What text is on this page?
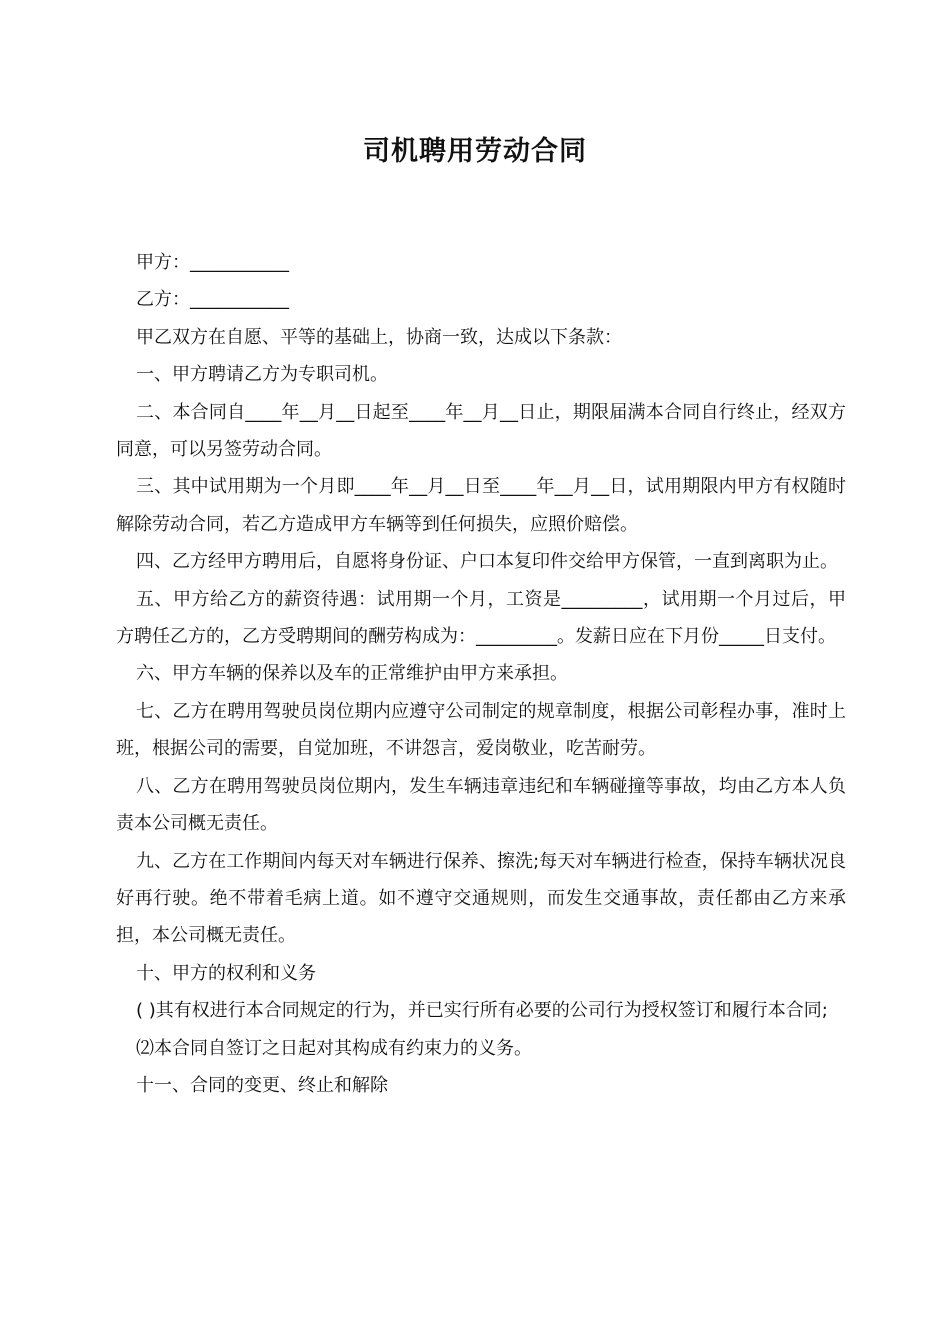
司机聘用劳动合同

甲方：___________

乙方：___________

甲乙双方在自愿、平等的基础上，协商一致，达成以下条款：

一、甲方聘请乙方为专职司机。

二、本合同自____年__月__日起至____年__月__日止，期限届满本合同自行终止，经双方同意，可以另签劳动合同。

三、其中试用期为一个月即____年__月__日至____年__月__日，试用期限内甲方有权随时解除劳动合同，若乙方造成甲方车辆等到任何损失，应照价赔偿。

四、乙方经甲方聘用后，自愿将身份证、户口本复印件交给甲方保管，一直到离职为止。

五、甲方给乙方的薪资待遇：试用期一个月，工资是_________，试用期一个月过后，甲方聘任乙方的，乙方受聘期间的酬劳构成为：_________。发薪日应在下月份_____日支付。

六、甲方车辆的保养以及车的正常维护由甲方来承担。

七、乙方在聘用驾驶员岗位期内应遵守公司制定的规章制度，根据公司彰程办事，准时上班，根据公司的需要，自觉加班，不讲怨言，爱岗敬业，吃苦耐劳。

八、乙方在聘用驾驶员岗位期内，发生车辆违章违纪和车辆碰撞等事故，均由乙方本人负责本公司概无责任。

九、乙方在工作期间内每天对车辆进行保养、擦洗;每天对车辆进行检查，保持车辆状况良好再行驶。绝不带着毛病上道。如不遵守交通规则，而发生交通事故，责任都由乙方来承担，本公司概无责任。

十、甲方的权利和义务

( )其有权进行本合同规定的行为，并已实行所有必要的公司行为授权签订和履行本合同;

⑵本合同自签订之日起对其构成有约束力的义务。

十一、合同的变更、终止和解除
